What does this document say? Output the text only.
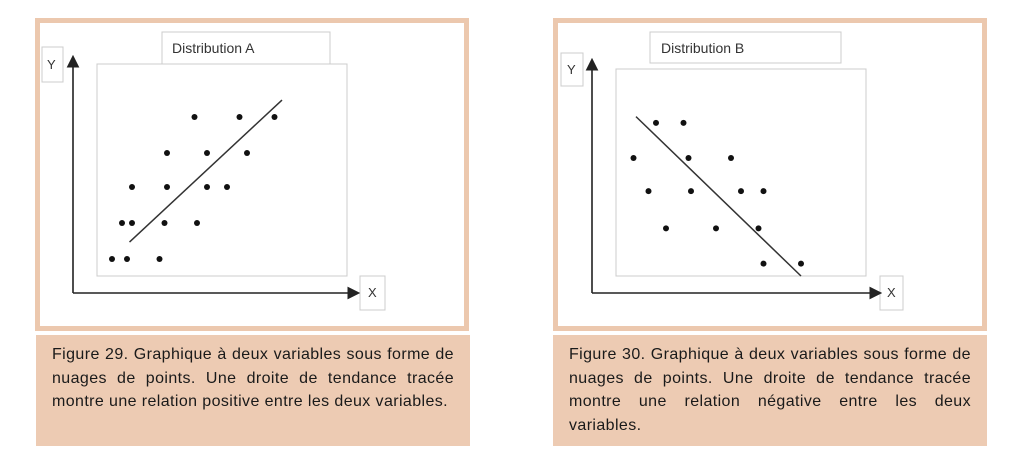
Figure 29. Graphique à deux variables sous forme de nuages de points. Une droite de tendance tracée montre une relation positive entre les deux variables.
Figure 30. Graphique à deux variables sous forme de nuages de points. Une droite de tendance tracée montre une relation négative entre les deux variables.
Distribution A
Y
X
Distribution B
Y
X
